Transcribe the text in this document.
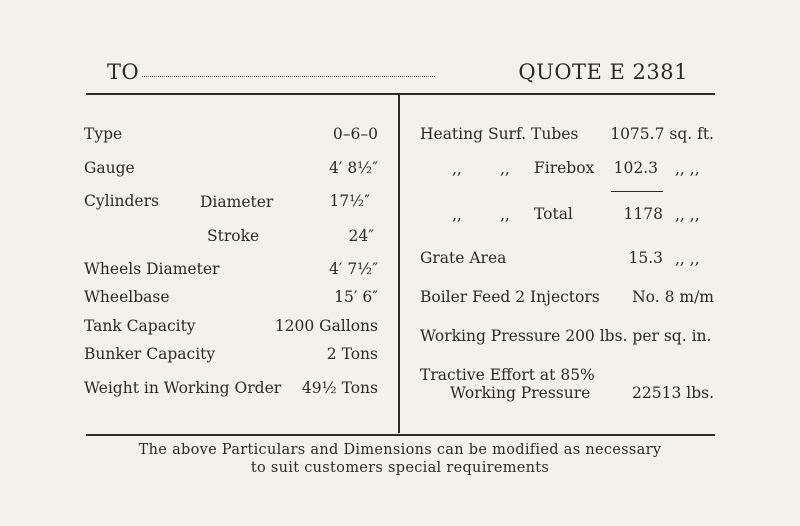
TO	QUOTE E 2381
Type	0–6–0
Gauge	4′ 8½″
Cylinders	Diameter	17½″
Stroke	24″
Wheels Diameter	4′ 7½″
Wheelbase	15′ 6″
Tank Capacity	1200 Gallons
Bunker Capacity	2 Tons
Weight in Working Order 49½ Tons
Heating Surf. Tubes 1075.7 sq. ft.
,, ,, Firebox 102.3 ,, ,,
,, ,, Total	1178 ,, ,,
Grate Area	15.3 ,, ,,
Boiler Feed 2 Injectors No. 8 m/m
Working Pressure 200 lbs. per sq. in.
Tractive Effort at 85%
Working Pressure	22513 lbs.
The above Particulars and Dimensions can be modified as necessary
to suit customers special requirements
